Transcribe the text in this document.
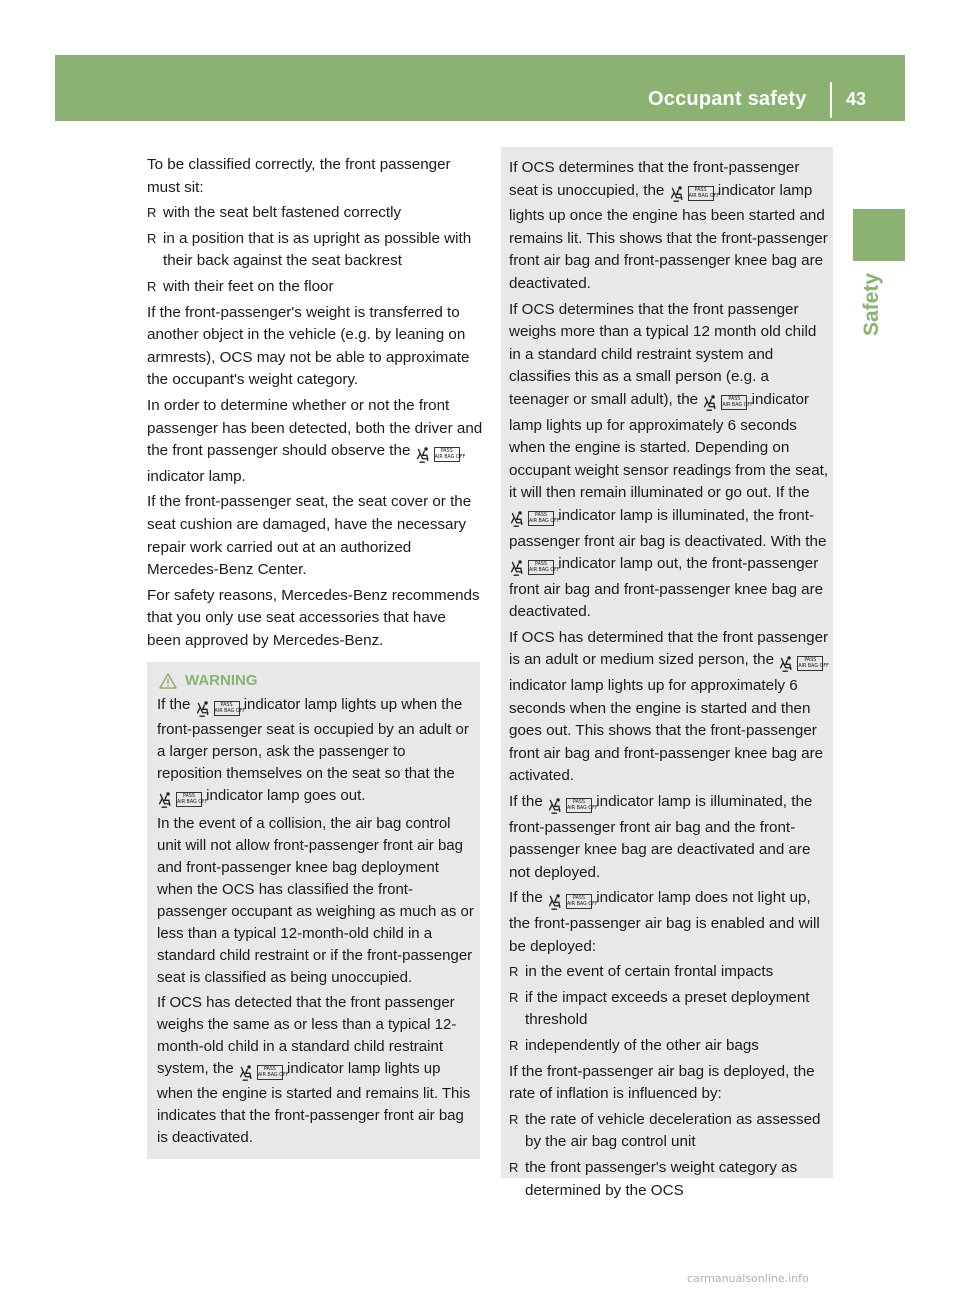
Occupant safety 43
Safety

To be classified correctly, the front passenger must sit:

R with the seat belt fastened correctly
R in a position that is as upright as possible with their back against the seat backrest
R with their feet on the floor

If the front-passenger's weight is transferred to another object in the vehicle (e.g. by leaning on armrests), OCS may not be able to approximate the occupant's weight category.

In order to determine whether or not the front passenger has been detected, both the driver and the front passenger should observe the	PASS
AIR BAG OFF indicator lamp.

If the front-passenger seat, the seat cover or the seat cushion are damaged, have the necessary repair work carried out at an authorized Mercedes-Benz Center.

For safety reasons, Mercedes-Benz recommends that you only use seat accessories that have been approved by Mercedes-Benz.

WARNING

If the	PASS
AIR BAG OFF indicator lamp lights up when the front-passenger seat is occupied by an adult or a larger person, ask the passenger to reposition themselves on the seat so that the PASS
AIR BAG OFF indicator lamp goes out.

In the event of a collision, the air bag control unit will not allow front-passenger front air bag and front-passenger knee bag deployment when the OCS has classified the front-passenger occupant as weighing as much as or less than a typical 12-month-old child in a standard child restraint or if the front-passenger seat is classified as being unoccupied.

If OCS has detected that the front passenger weighs the same as or less than a typical 12-month-old child in a standard child restraint system, the	PASS
AIR BAG OFF indicator lamp lights up when the engine is started and remains lit. This indicates that the front-passenger front air bag is deactivated.

If OCS determines that the front-passenger seat is unoccupied, the	PASS
AIR BAG OFF indicator lamp lights up once the engine has been started and remains lit. This shows that the front-passenger front air bag and front-passenger knee bag are deactivated.

If OCS determines that the front passenger weighs more than a typical 12 month old child in a standard child restraint system and classifies this as a small person (e.g. a teenager or small adult), the	PASS
AIR BAG OFF indicator lamp lights up for approximately 6 seconds when the engine is started. Depending on occupant weight sensor readings from the seat, it will then remain illuminated or go out. If the PASS
AIR BAG OFF indicator lamp is illuminated, the front-passenger front air bag is deactivated. With the PASS
AIR BAG OFF indicator lamp out, the front-passenger front air bag and front-passenger knee bag are deactivated.

If OCS has determined that the front passenger is an adult or medium sized person, the	PASS
AIR BAG OFF indicator lamp lights up for approximately 6 seconds when the engine is started and then goes out. This shows that the front-passenger front air bag and front-passenger knee bag are activated.

If the	PASS
AIR BAG OFF indicator lamp is illuminated, the front-passenger front air bag and the front-passenger knee bag are deactivated and are not deployed.

If the	PASS
AIR BAG OFF indicator lamp does not light up, the front-passenger air bag is enabled and will be deployed:

R in the event of certain frontal impacts
R if the impact exceeds a preset deployment threshold
R independently of the other air bags

If the front-passenger air bag is deployed, the rate of inflation is influenced by:

R the rate of vehicle deceleration as assessed by the air bag control unit
R the front passenger's weight category as determined by the OCS
carmanualsonline.info
